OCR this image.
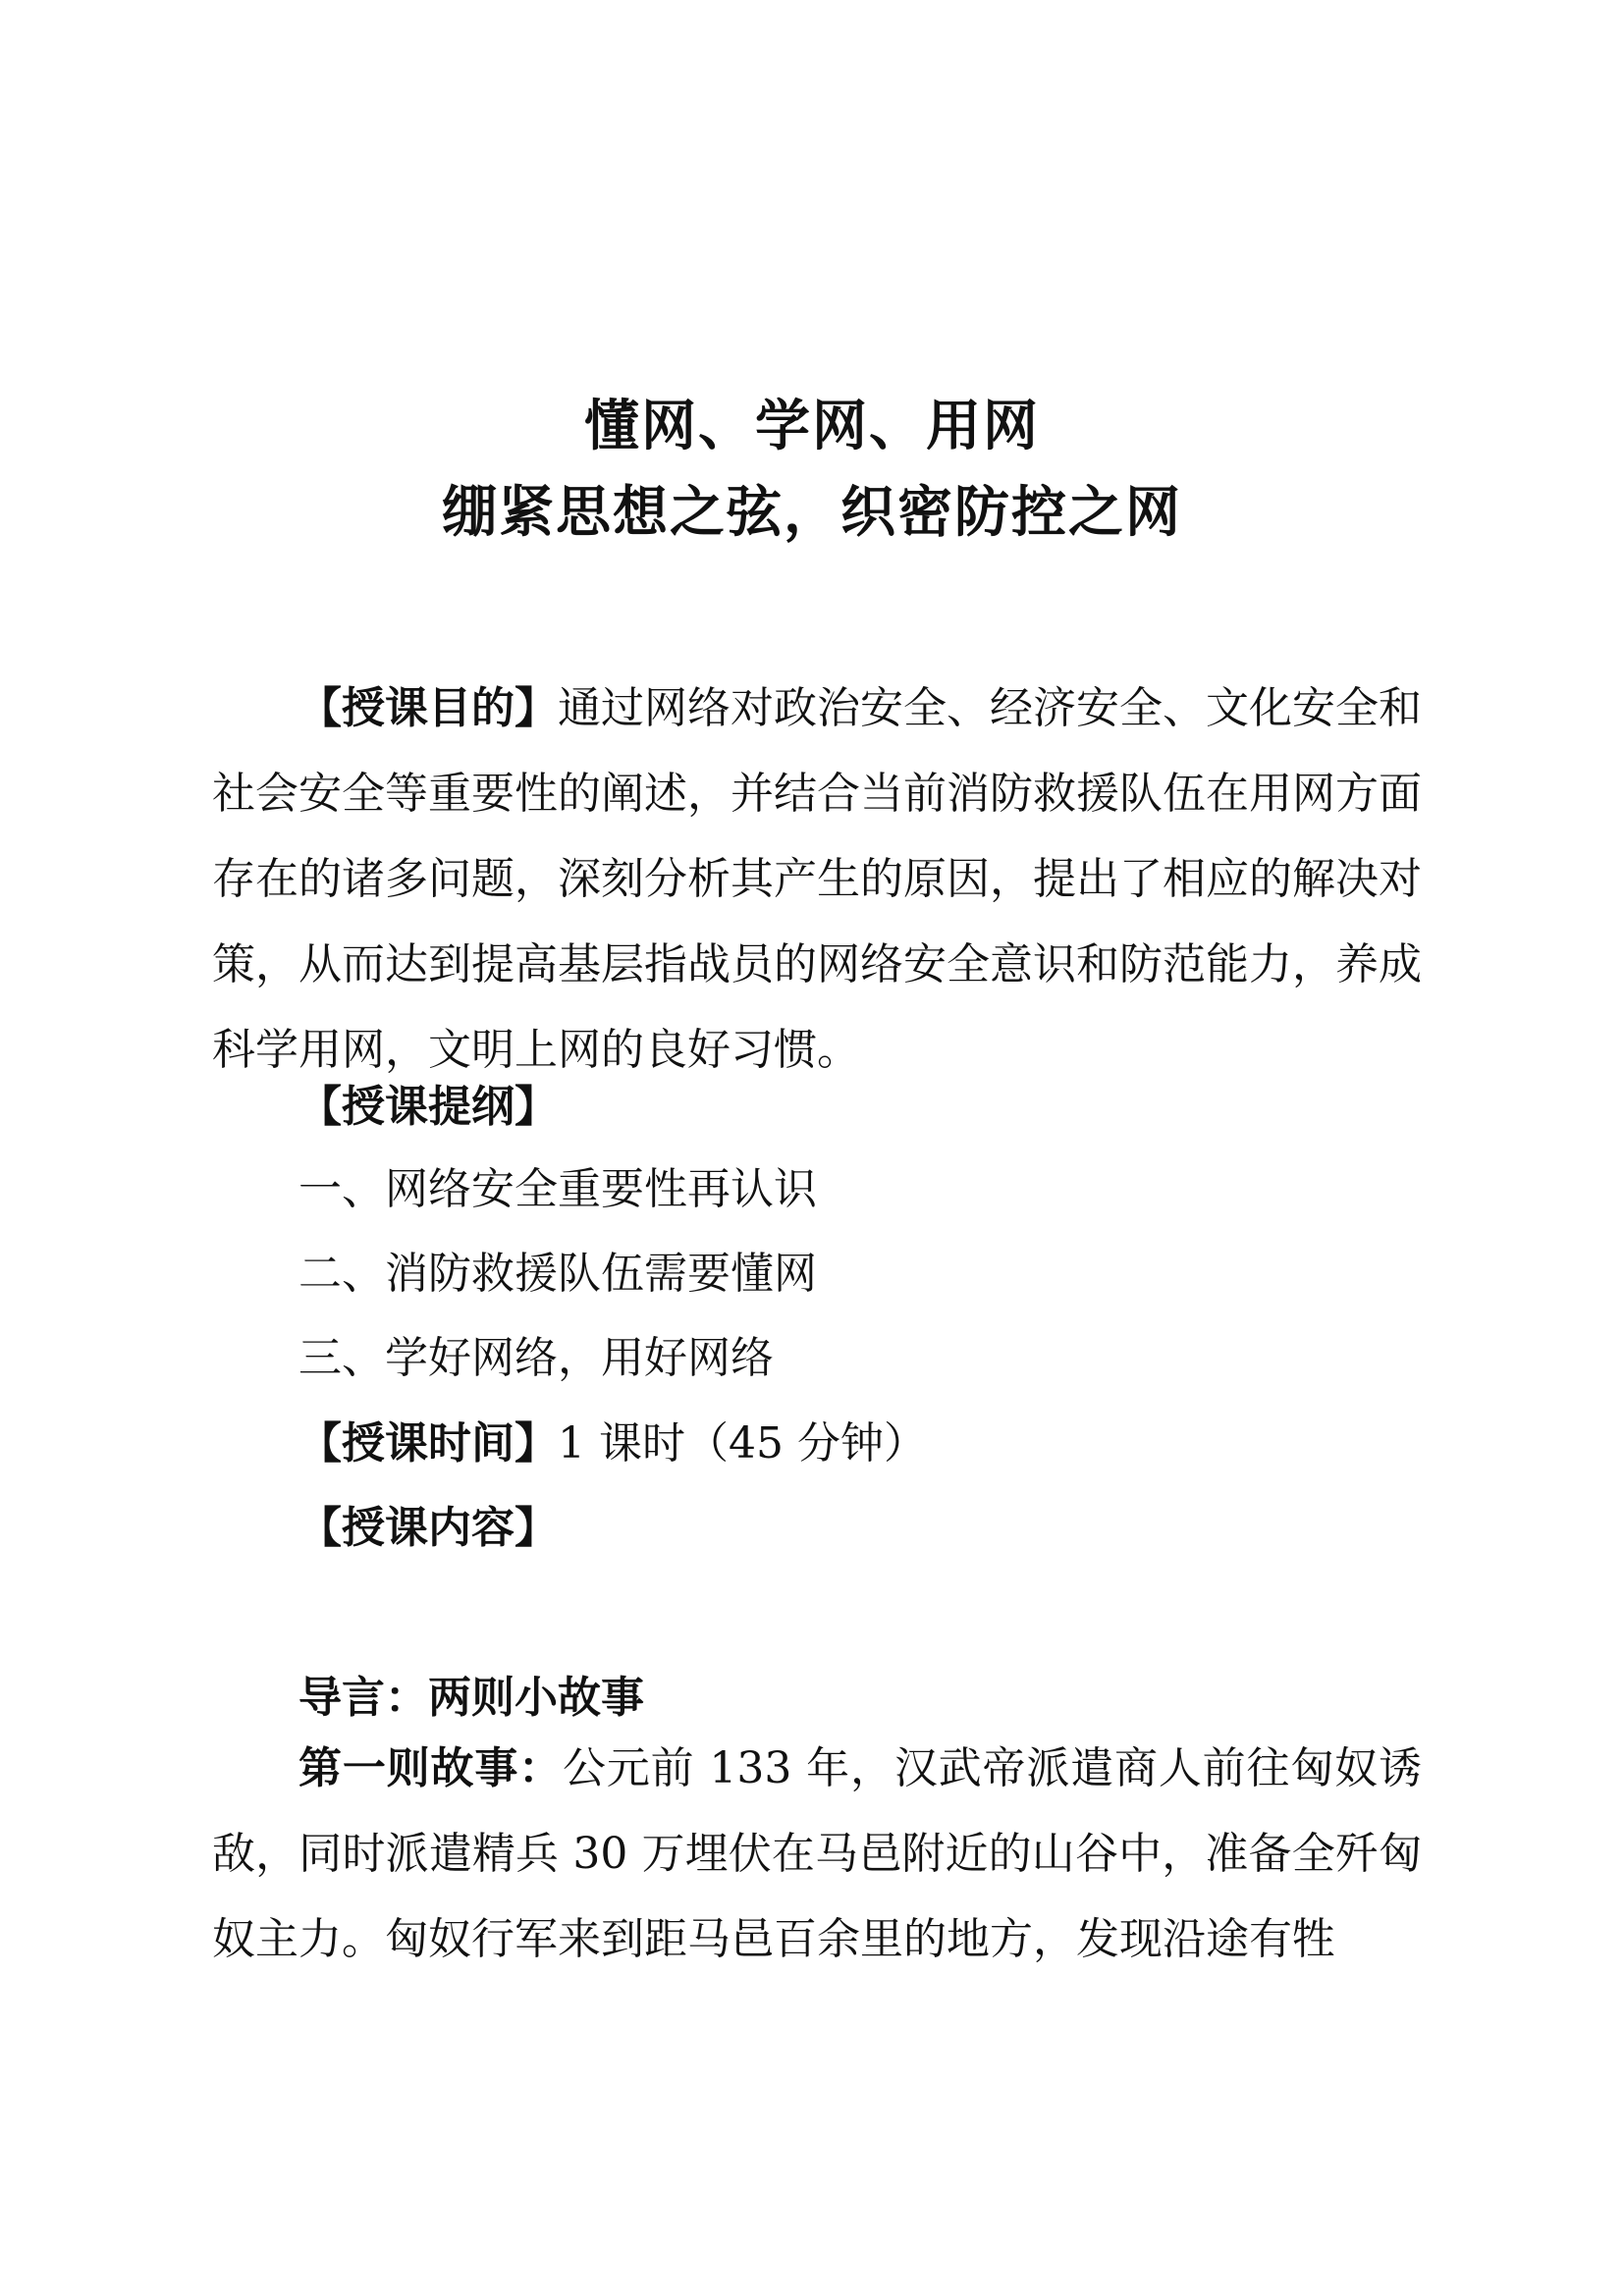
懂网、学网、用网
绷紧思想之弦，织密防控之网

【授课目的】通过网络对政治安全、经济安全、文化安全和社会安全等重要性的阐述，并结合当前消防救援队伍在用网方面存在的诸多问题，深刻分析其产生的原因，提出了相应的解决对策，从而达到提高基层指战员的网络安全意识和防范能力，养成科学用网，文明上网的良好习惯。

【授课提纲】
一、网络安全重要性再认识
二、消防救援队伍需要懂网
三、学好网络，用好网络
【授课时间】1 课时（45 分钟）
【授课内容】
导言：两则小故事

第一则故事：公元前 133 年，汉武帝派遣商人前往匈奴诱敌，同时派遣精兵 30 万埋伏在马邑附近的山谷中，准备全歼匈奴主力。匈奴行军来到距马邑百余里的地方，发现沿途有牲
